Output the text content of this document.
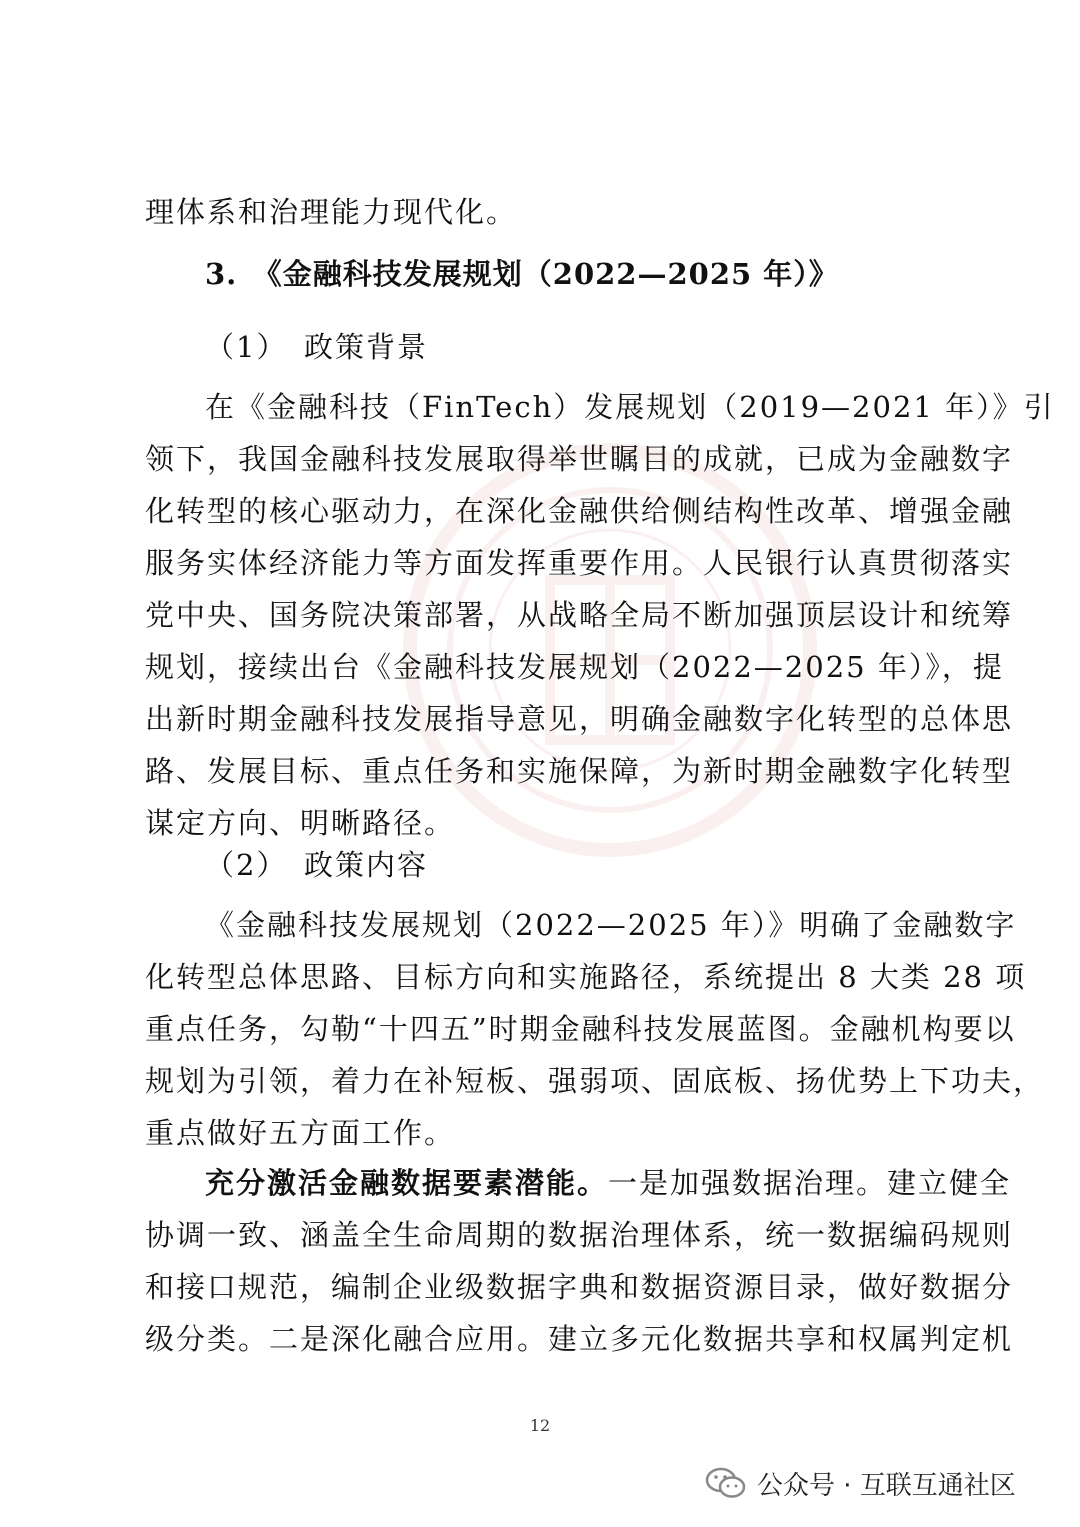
理体系和治理能力现代化。
3.　《金融科技发展规划（2022—2025 年）》
（1）　政策背景
在《金融科技（FinTech）发展规划（2019—2021 年）》引
领下，我国金融科技发展取得举世瞩目的成就，已成为金融数字
化转型的核心驱动力，在深化金融供给侧结构性改革、增强金融
服务实体经济能力等方面发挥重要作用。人民银行认真贯彻落实
党中央、国务院决策部署，从战略全局不断加强顶层设计和统筹
规划，接续出台《金融科技发展规划（2022—2025 年）》，提
出新时期金融科技发展指导意见，明确金融数字化转型的总体思
路、发展目标、重点任务和实施保障，为新时期金融数字化转型
谋定方向、明晰路径。
（2）　政策内容
《金融科技发展规划（2022—2025 年）》明确了金融数字
化转型总体思路、目标方向和实施路径，系统提出 8 大类 28 项
重点任务，勾勒“十四五”时期金融科技发展蓝图。金融机构要以
规划为引领，着力在补短板、强弱项、固底板、扬优势上下功夫，
重点做好五方面工作。
充分激活金融数据要素潜能。一是加强数据治理。建立健全
协调一致、涵盖全生命周期的数据治理体系，统一数据编码规则
和接口规范，编制企业级数据字典和数据资源目录，做好数据分
级分类。二是深化融合应用。建立多元化数据共享和权属判定机
12
公众号 · 互联互通社区
